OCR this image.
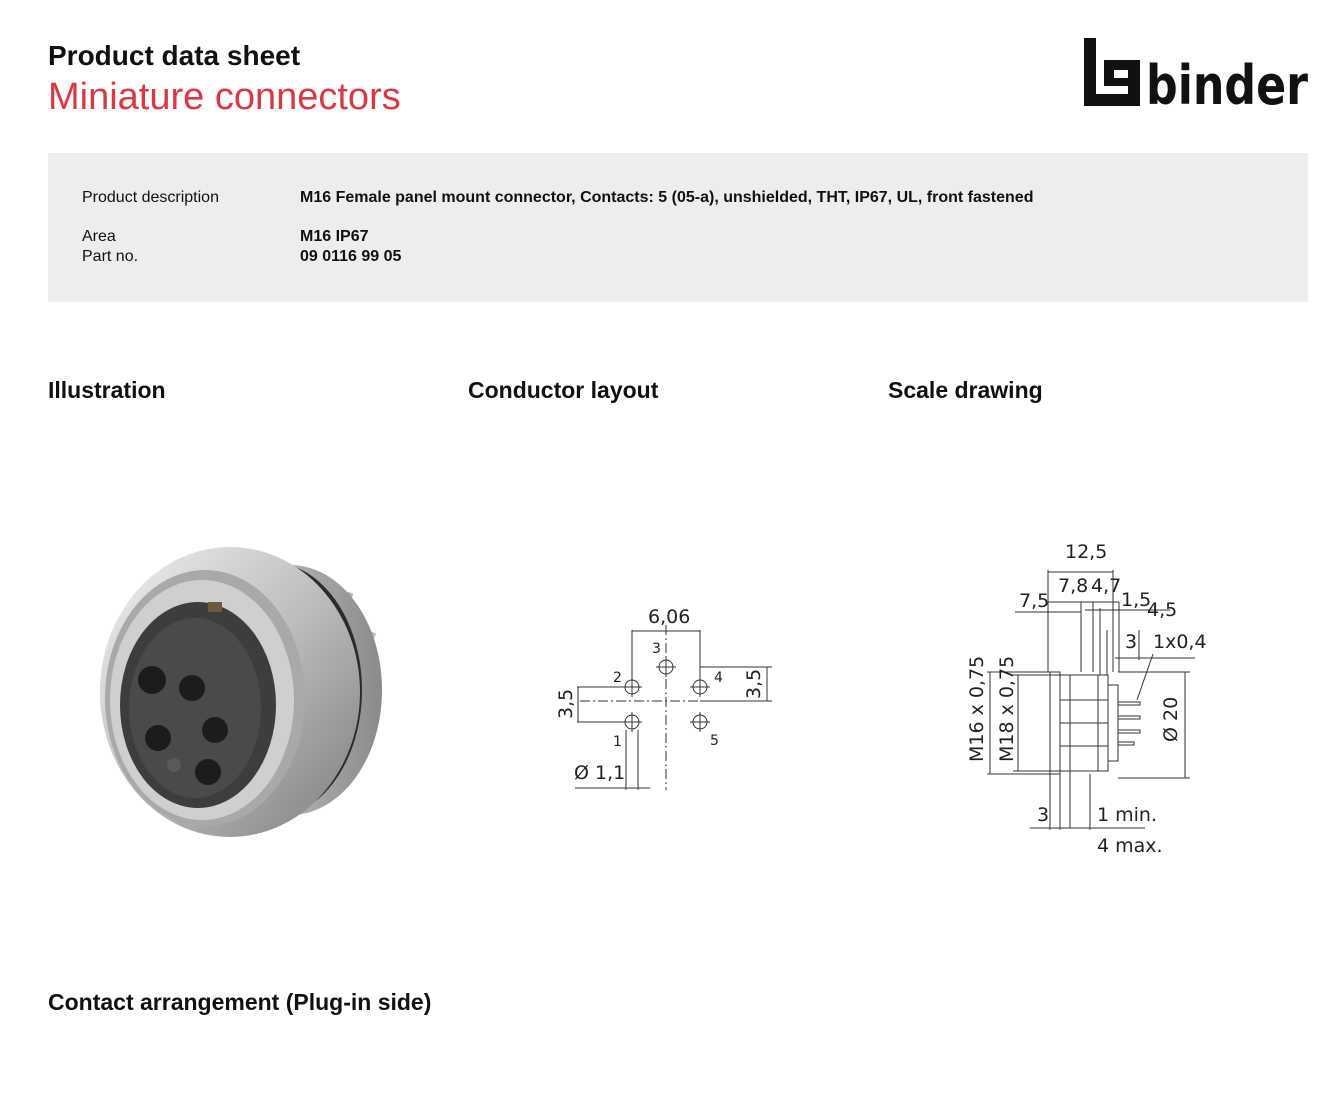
Product data sheet
Miniature connectors	binder
Product description	M16 Female panel mount connector, Contacts: 5 (05-a), unshielded, THT, IP67, UL, front fastened
Area	M16 IP67
Part no.	09 0116 99 05
Illustration	Conductor layout	Scale drawing
Contact arrangement (Plug-in side)
6,06
3,5
3,5
1
2
3
4
5
Ø 1,1
12,5
7,8 4,7
7,5	1,5
4,5
3 1x0,4
M16 x 0,75 M18 x 0,75	Ø 20
3	1 min.
4 max.
